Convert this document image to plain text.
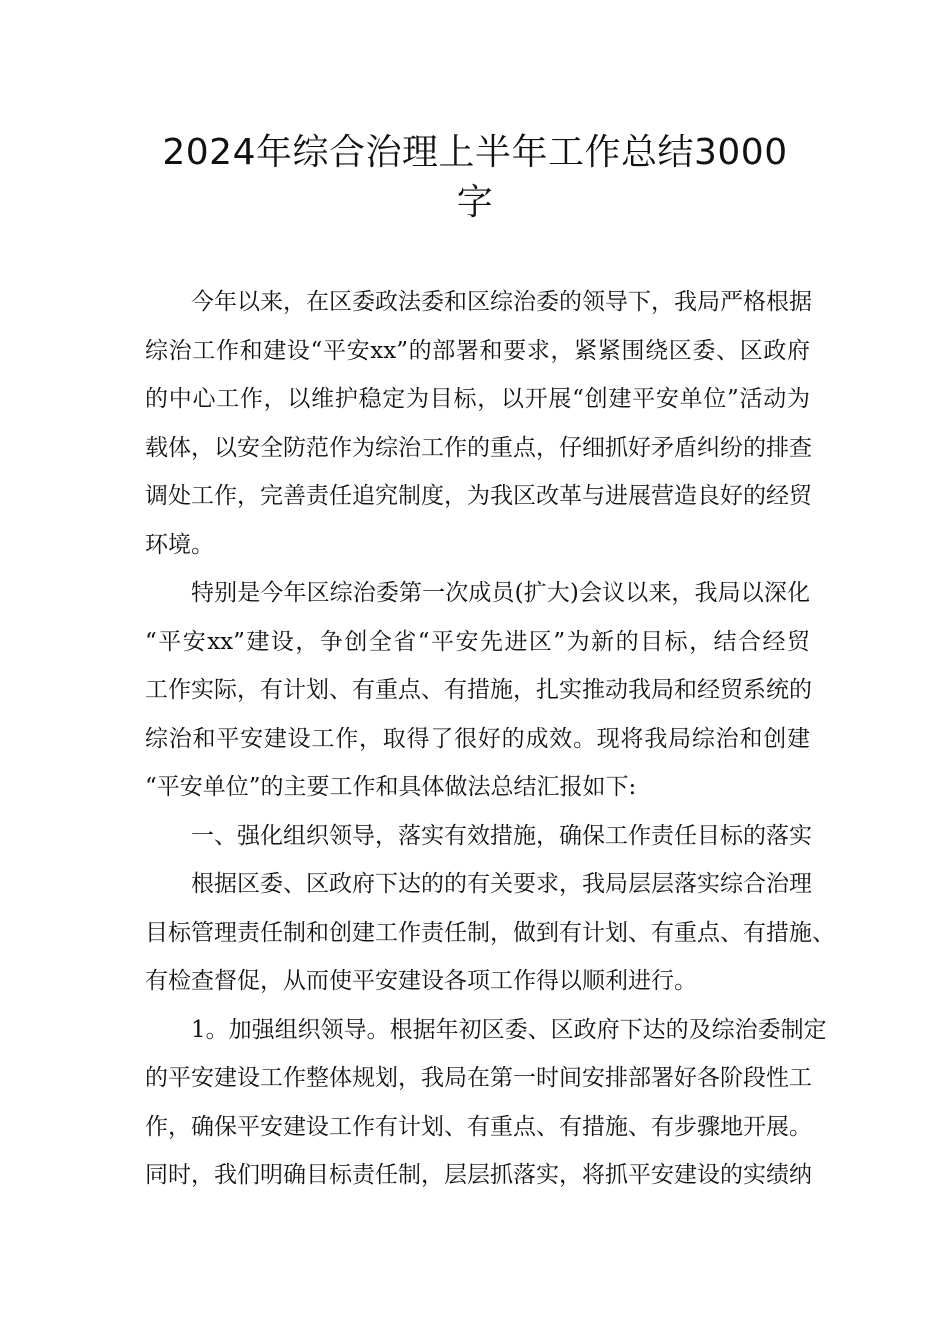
2024年综合治理上半年工作总结3000
字
今年以来，在区委政法委和区综治委的领导下，我局严格根据
综治工作和建设“平安xx”的部署和要求，紧紧围绕区委、区政府
的中心工作，以维护稳定为目标，以开展“创建平安单位”活动为
载体，以安全防范作为综治工作的重点，仔细抓好矛盾纠纷的排查
调处工作，完善责任追究制度，为我区改革与进展营造良好的经贸
环境。
特别是今年区综治委第一次成员(扩大)会议以来，我局以深化
“平安xx”建设，争创全省“平安先进区”为新的目标，结合经贸
工作实际，有计划、有重点、有措施，扎实推动我局和经贸系统的
综治和平安建设工作，取得了很好的成效。现将我局综治和创建
“平安单位”的主要工作和具体做法总结汇报如下:
一、强化组织领导，落实有效措施，确保工作责任目标的落实
根据区委、区政府下达的的有关要求，我局层层落实综合治理
目标管理责任制和创建工作责任制，做到有计划、有重点、有措施、
有检查督促，从而使平安建设各项工作得以顺利进行。
1。加强组织领导。根据年初区委、区政府下达的及综治委制定
的平安建设工作整体规划，我局在第一时间安排部署好各阶段性工
作，确保平安建设工作有计划、有重点、有措施、有步骤地开展。
同时，我们明确目标责任制，层层抓落实，将抓平安建设的实绩纳
